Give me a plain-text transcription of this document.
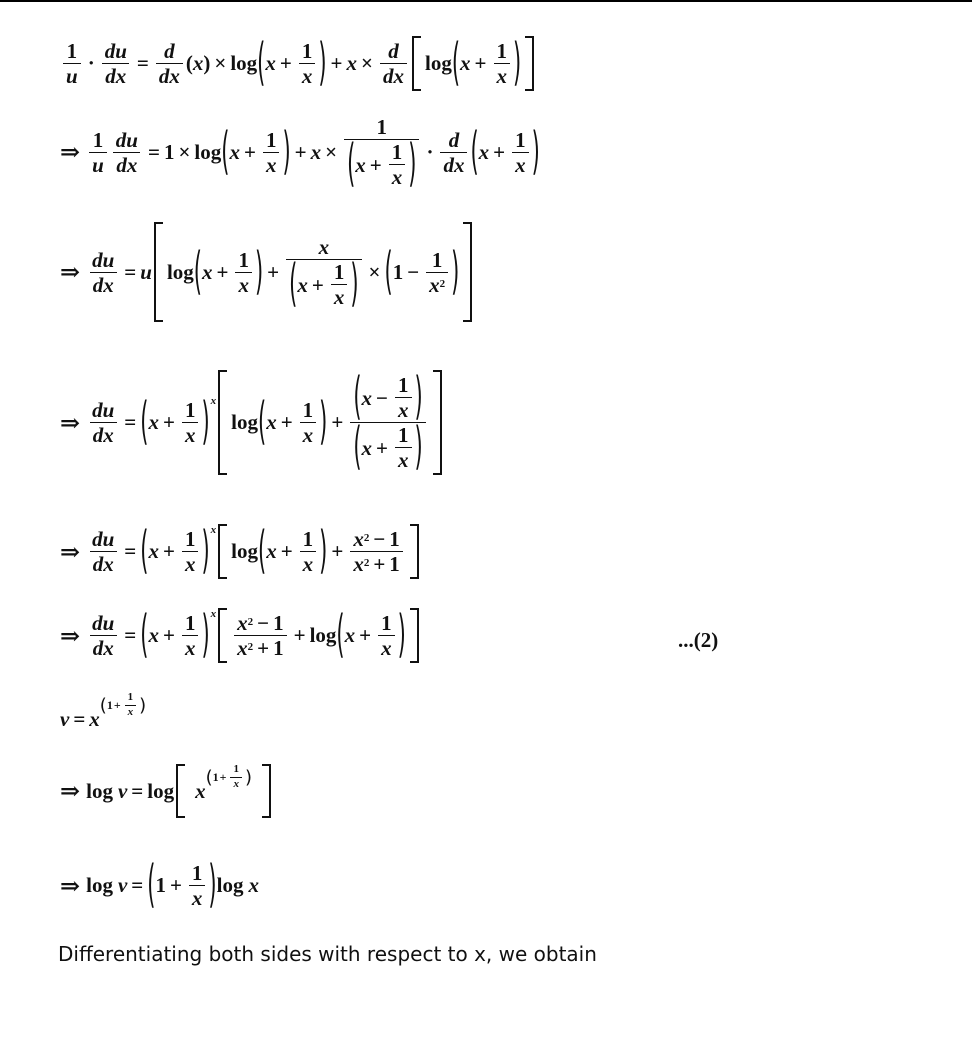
$\frac{1}{u} \cdot \frac{du}{dx} = \frac{d}{dx} (x) \times \log$ ( $x + \frac{1}{x}$ ) + $x \times \frac{d}{dx}$ log ( $x + \frac{1}{x}$ )
⇒ $\frac{1}{u} \frac{du}{dx} = 1 \times \log$ ( $x + \frac{1}{x}$ ) + $x \times \frac{1}{( x + \frac{1}{x} )} \cdot \frac{d}{dx}$ ( $x + \frac{1}{x}$ )
⇒ $\frac{du}{dx} = u$ log ( $x + \frac{1}{x}$ ) + $\frac{x}{( x + \frac{1}{x} )}$ × ( $1 - \frac{1}{x 2}$ )
⇒ $\frac{du}{dx}$ = ( $x + \frac{1}{x} )^x$
log ( $x + \frac{1}{x}$ ) + $\frac{( x - \frac{1}{x} )}{( x + \frac{1}{x} )}$
⇒ $\frac{du}{dx}$ = ( $x + \frac{1}{x} )^x$
log ( $x + \frac{1}{x}$ ) + $\frac{x 2 - 1}{x 2 + 1}$
⇒ $\frac{du}{dx}$ = ( $x + \frac{1}{x} )^x \frac{x 2 - 1}{x 2 + 1} + \log$ ( $x + \frac{1}{x}$ )	...(2)
v = x
( $1 + \frac{1}{x}$ )
⇒ log v = log x
( $1 + \frac{1}{x}$ )
⇒ log v = ( $1 + \frac{1}{x}$ ) log x
Differentiating both sides with respect to x, we obtain
